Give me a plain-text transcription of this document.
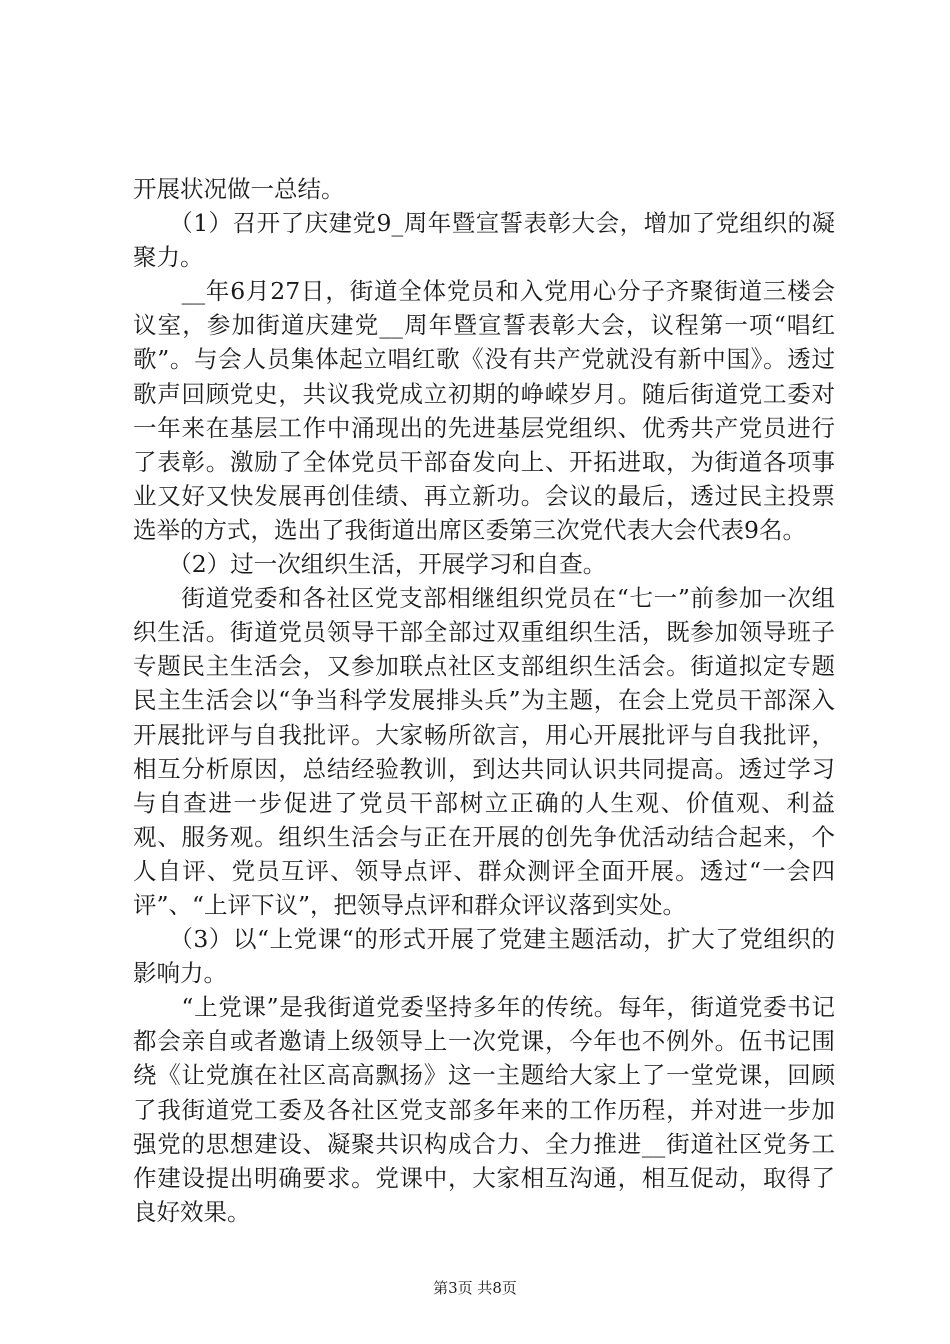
开展状况做一总结。

　　（1）召开了庆建党9_周年暨宣誓表彰大会，增加了党组织的凝聚力。

　　__年6月27日，街道全体党员和入党用心分子齐聚街道三楼会议室，参加街道庆建党__周年暨宣誓表彰大会，议程第一项“唱红歌”。与会人员集体起立唱红歌《没有共产党就没有新中国》。透过歌声回顾党史，共议我党成立初期的峥嵘岁月。随后街道党工委对一年来在基层工作中涌现出的先进基层党组织、优秀共产党员进行了表彰。激励了全体党员干部奋发向上、开拓进取，为街道各项事业又好又快发展再创佳绩、再立新功。会议的最后，透过民主投票选举的方式，选出了我街道出席区委第三次党代表大会代表9名。

　　（2）过一次组织生活，开展学习和自查。

　　街道党委和各社区党支部相继组织党员在“七一”前参加一次组织生活。街道党员领导干部全部过双重组织生活，既参加领导班子专题民主生活会，又参加联点社区支部组织生活会。街道拟定专题民主生活会以“争当科学发展排头兵”为主题，在会上党员干部深入开展批评与自我批评。大家畅所欲言，用心开展批评与自我批评，相互分析原因，总结经验教训，到达共同认识共同提高。透过学习与自查进一步促进了党员干部树立正确的人生观、价值观、利益观、服务观。组织生活会与正在开展的创先争优活动结合起来，个人自评、党员互评、领导点评、群众测评全面开展。透过“一会四评”、“上评下议”，把领导点评和群众评议落到实处。

　　（3）以“上党课“的形式开展了党建主题活动，扩大了党组织的影响力。

　　“上党课”是我街道党委坚持多年的传统。每年，街道党委书记都会亲自或者邀请上级领导上一次党课，今年也不例外。伍书记围绕《让党旗在社区高高飘扬》这一主题给大家上了一堂党课，回顾了我街道党工委及各社区党支部多年来的工作历程，并对进一步加强党的思想建设、凝聚共识构成合力、全力推进__街道社区党务工作建设提出明确要求。党课中，大家相互沟通，相互促动，取得了良好效果。

第3页 共8页
